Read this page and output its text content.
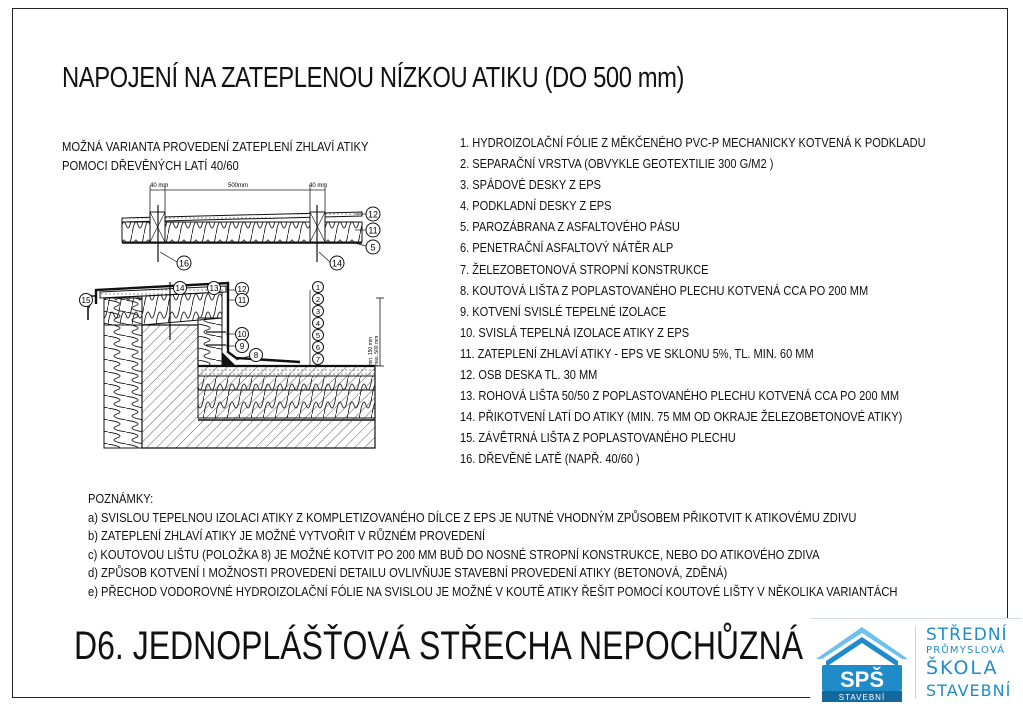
NAPOJENÍ NA ZATEPLENOU NÍZKOU ATIKU (DO 500 mm)
MOŽNÁ VARIANTA PROVEDENÍ ZATEPLENÍ ZHLAVÍ ATIKY
POMOCI DŘEVĚNÝCH LATÍ 40/60
40 mm	500mm	40 mm
12
11
5
16	14
15
14	13 12
11
10
9
8
1
2
3
4
5
6
7	min. 150 mm max. 500 mm
1. HYDROIZOLAČNÍ FÓLIE Z MĚKČENÉHO PVC-P MECHANICKY KOTVENÁ K PODKLADU
2. SEPARAČNÍ VRSTVA (OBVYKLE GEOTEXTILIE 300 G/M2 )
3. SPÁDOVÉ DESKY Z EPS
4. PODKLADNÍ DESKY Z EPS
5. PAROZÁBRANA Z ASFALTOVÉHO PÁSU
6. PENETRAČNÍ ASFALTOVÝ NÁTĚR ALP
7. ŽELEZOBETONOVÁ STROPNÍ KONSTRUKCE
8. KOUTOVÁ LIŠTA Z POPLASTOVANÉHO PLECHU KOTVENÁ CCA PO 200 MM
9. KOTVENÍ SVISLÉ TEPELNÉ IZOLACE
10. SVISLÁ TEPELNÁ IZOLACE ATIKY Z EPS
11. ZATEPLENÍ ZHLAVÍ ATIKY - EPS VE SKLONU 5%, TL. MIN. 60 MM
12. OSB DESKA TL. 30 MM
13. ROHOVÁ LIŠTA 50/50 Z POPLASTOVANÉHO PLECHU KOTVENÁ CCA PO 200 MM
14. PŘIKOTVENÍ LATÍ DO ATIKY (MIN. 75 MM OD OKRAJE ŽELEZOBETONOVÉ ATIKY)
15. ZÁVĚTRNÁ LIŠTA Z POPLASTOVANÉHO PLECHU
16. DŘEVĚNÉ LATĚ (NAPŘ. 40/60 )
POZNÁMKY:
a) SVISLOU TEPELNOU IZOLACI ATIKY Z KOMPLETIZOVANÉHO DÍLCE Z EPS JE NUTNÉ VHODNÝM ZPŮSOBEM PŘIKOTVIT K ATIKOVÉMU ZDIVU
b) ZATEPLENÍ ZHLAVÍ ATIKY JE MOŽNÉ VYTVOŘIT V RŮZNÉM PROVEDENÍ
c) KOUTOVOU LIŠTU (POLOŽKA 8) JE MOŽNÉ KOTVIT PO 200 MM BUĎ DO NOSNÉ STROPNÍ KONSTRUKCE, NEBO DO ATIKOVÉHO ZDIVA
d) ZPŮSOB KOTVENÍ I MOŽNOSTI PROVEDENÍ DETAILU OVLIVŇUJE STAVEBNÍ PROVEDENÍ ATIKY (BETONOVÁ, ZDĚNÁ)
e) PŘECHOD VODOROVNÉ HYDROIZOLAČNÍ FÓLIE NA SVISLOU JE MOŽNÉ V KOUTĚ ATIKY ŘEŠIT POMOCÍ KOUTOVÉ LIŠTY V NĚKOLIKA VARIANTÁCH
D6. JEDNOPLÁŠŤOVÁ STŘECHA NEPOCHŮZNÁ
SPŠ
STAVEBNÍ
STŘEDNÍ
PRŮMYSLOVÁ
ŠKOLA
STAVEBNÍ
